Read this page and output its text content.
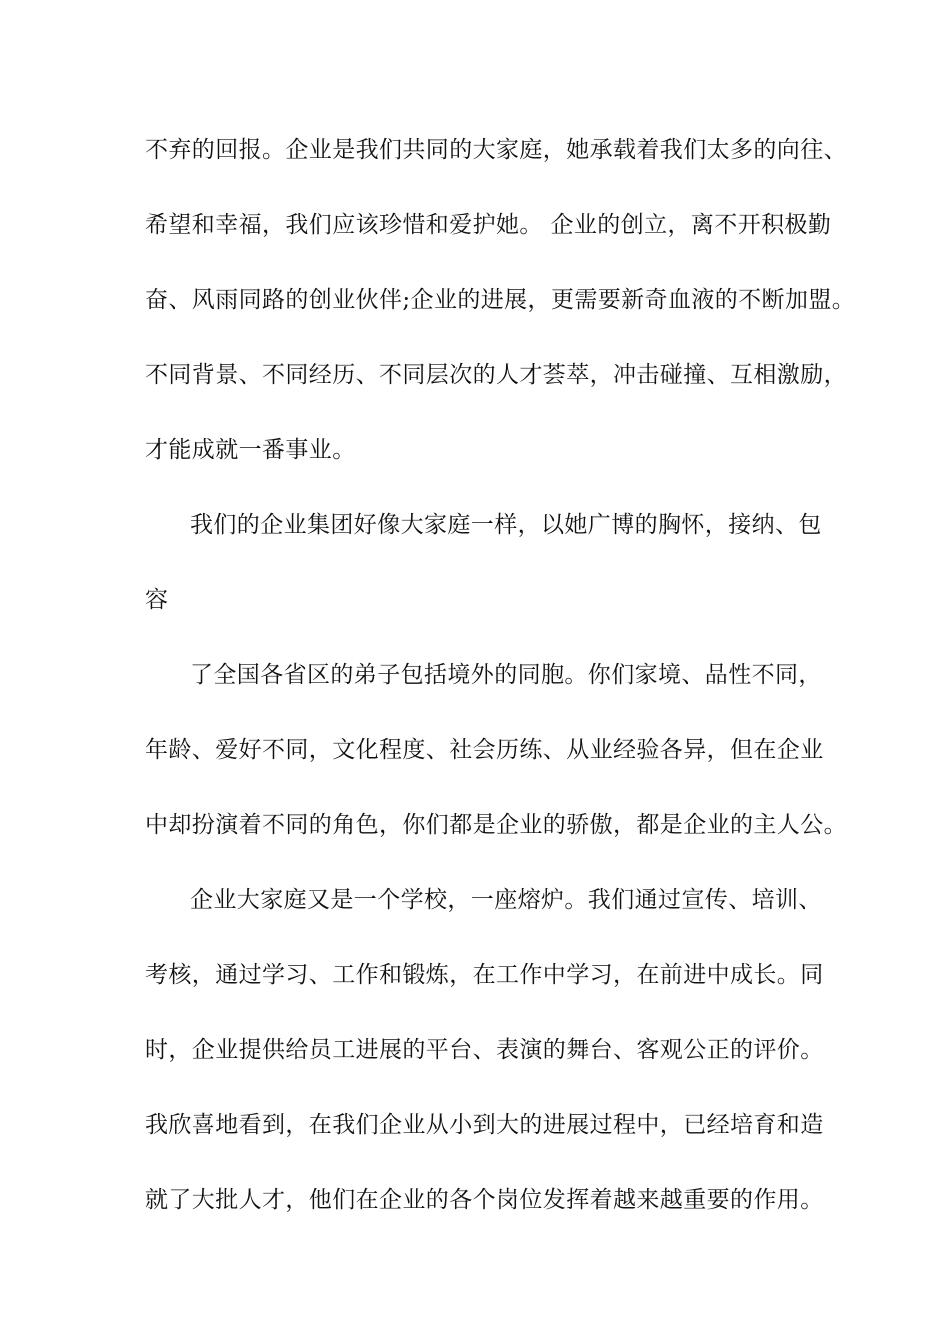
不弃的回报。企业是我们共同的大家庭，她承载着我们太多的向往、
希望和幸福，我们应该珍惜和爱护她。 企业的创立，离不开积极勤
奋、风雨同路的创业伙伴;企业的进展，更需要新奇血液的不断加盟。
不同背景、不同经历、不同层次的人才荟萃，冲击碰撞、互相激励，
才能成就一番事业。
我们的企业集团好像大家庭一样，以她广博的胸怀，接纳、包
容
了全国各省区的弟子包括境外的同胞。你们家境、品性不同，
年龄、爱好不同，文化程度、社会历练、从业经验各异，但在企业
中却扮演着不同的角色，你们都是企业的骄傲，都是企业的主人公。
企业大家庭又是一个学校，一座熔炉。我们通过宣传、培训、
考核，通过学习、工作和锻炼，在工作中学习，在前进中成长。同
时，企业提供给员工进展的平台、表演的舞台、客观公正的评价。
我欣喜地看到，在我们企业从小到大的进展过程中，已经培育和造
就了大批人才，他们在企业的各个岗位发挥着越来越重要的作用。
